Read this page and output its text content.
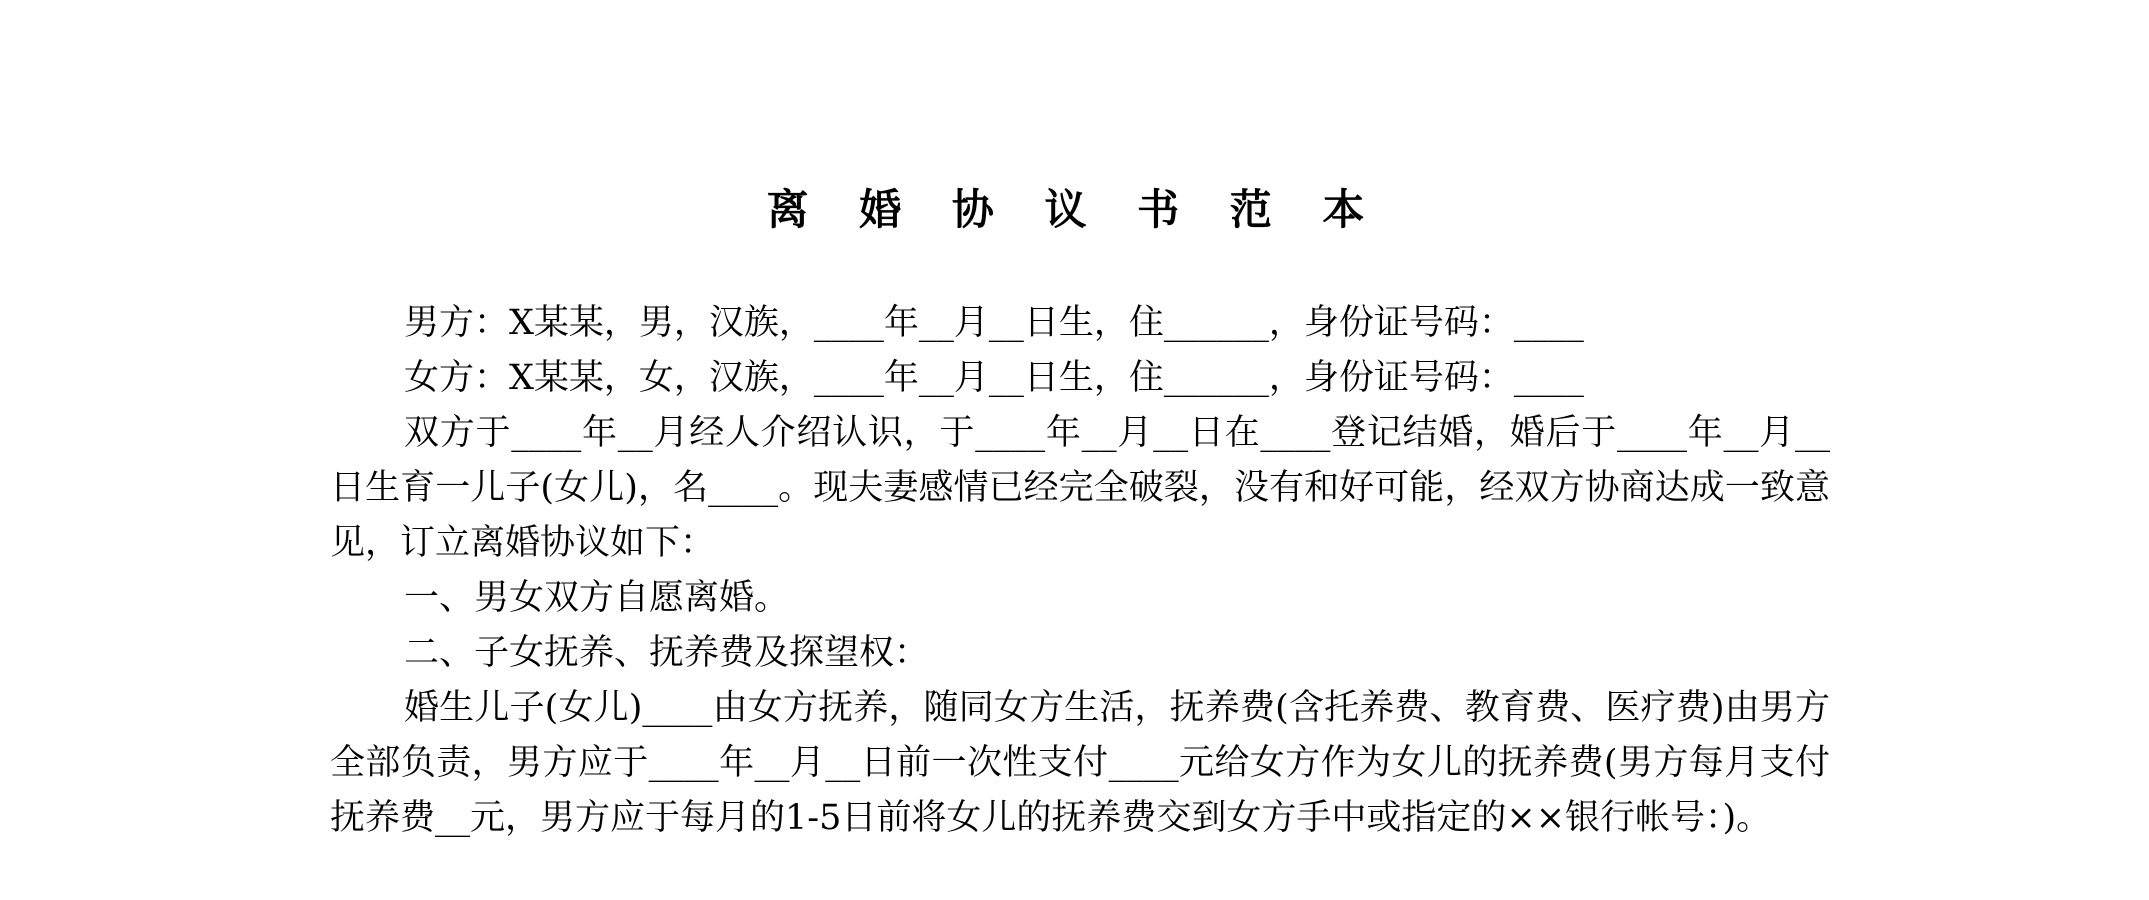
离 婚 协 议 书 范 本

男方：X某某，男，汉族，____年__月__日生，住______，身份证号码：____

女方：X某某，女，汉族，____年__月__日生，住______，身份证号码：____

双方于____年__月经人介绍认识，于____年__月__日在____登记结婚，婚后于____年__月__日生育一儿子(女儿)，名____。现夫妻感情已经完全破裂，没有和好可能，经双方协商达成一致意见，订立离婚协议如下：

一、男女双方自愿离婚。

二、子女抚养、抚养费及探望权：

婚生儿子(女儿)____由女方抚养，随同女方生活，抚养费(含托养费、教育费、医疗费)由男方全部负责，男方应于____年__月__日前一次性支付____元给女方作为女儿的抚养费(男方每月支付抚养费__元，男方应于每月的1-5日前将女儿的抚养费交到女方手中或指定的××银行帐号：)。
